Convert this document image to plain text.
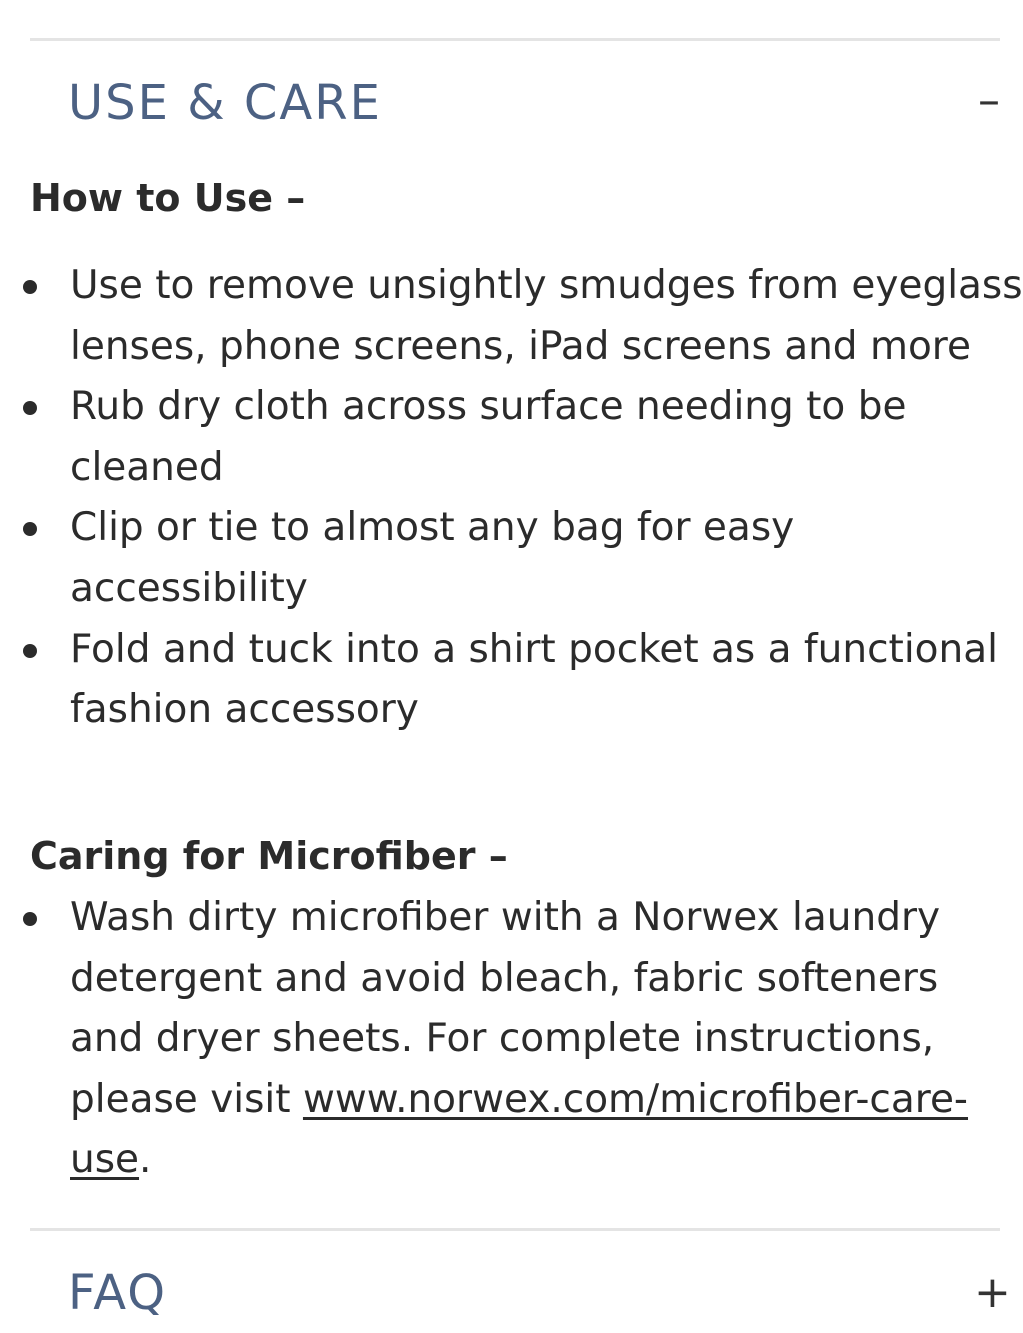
USE & CARE	–
How to Use –
Use to remove unsightly smudges from eyeglass
lenses, phone screens, iPad screens and more
Rub dry cloth across surface needing to be
cleaned
Clip or tie to almost any bag for easy
accessibility
Fold and tuck into a shirt pocket as a functional
fashion accessory
Caring for Microfiber –
Wash dirty microfiber with a Norwex laundry
detergent and avoid bleach, fabric softeners
and dryer sheets. For complete instructions,
please visit www.norwex.com/microfiber-care-
use.
FAQ	+
